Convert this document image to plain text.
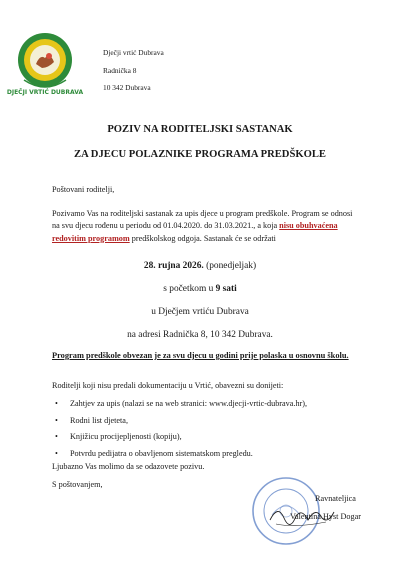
DJEČJI VRTIĆ DUBRAVA
Dječji vrtić Dubrava
Radnička 8
10 342 Dubrava
POZIV NA RODITELJSKI SASTANAK
ZA DJECU POLAZNIKE PROGRAMA PREDŠKOLE
Poštovani roditelji,
Pozivamo Vas na roditeljski sastanak za upis djece u program predškole. Program se odnosi na svu djecu rođenu u periodu od 01.04.2020. do 31.03.2021., a koja nisu obuhvaćena redovitim programom predškolskog odgoja. Sastanak će se održati
28. rujna 2026. (ponedjeljak)
s početkom u 9 sati
u Dječjem vrtiću Dubrava
na adresi Radnička 8, 10 342 Dubrava.
Program predškole obvezan je za svu djecu u godini prije polaska u osnovnu školu.
Roditelji koji nisu predali dokumentaciju u Vrtić, obavezni su donijeti:
• Zahtjev za upis (nalazi se na web stranici: www.djecji-vrtic-dubrava.hr),
• Rodni list djeteta,
• Knjižicu procijepljenosti (kopiju),
• Potvrdu pedijatra o obavljenom sistematskom pregledu.
Ljubazno Vas molimo da se odazovete pozivu.
S poštovanjem,
Ravnateljica
Valentina Hyst Dogar
